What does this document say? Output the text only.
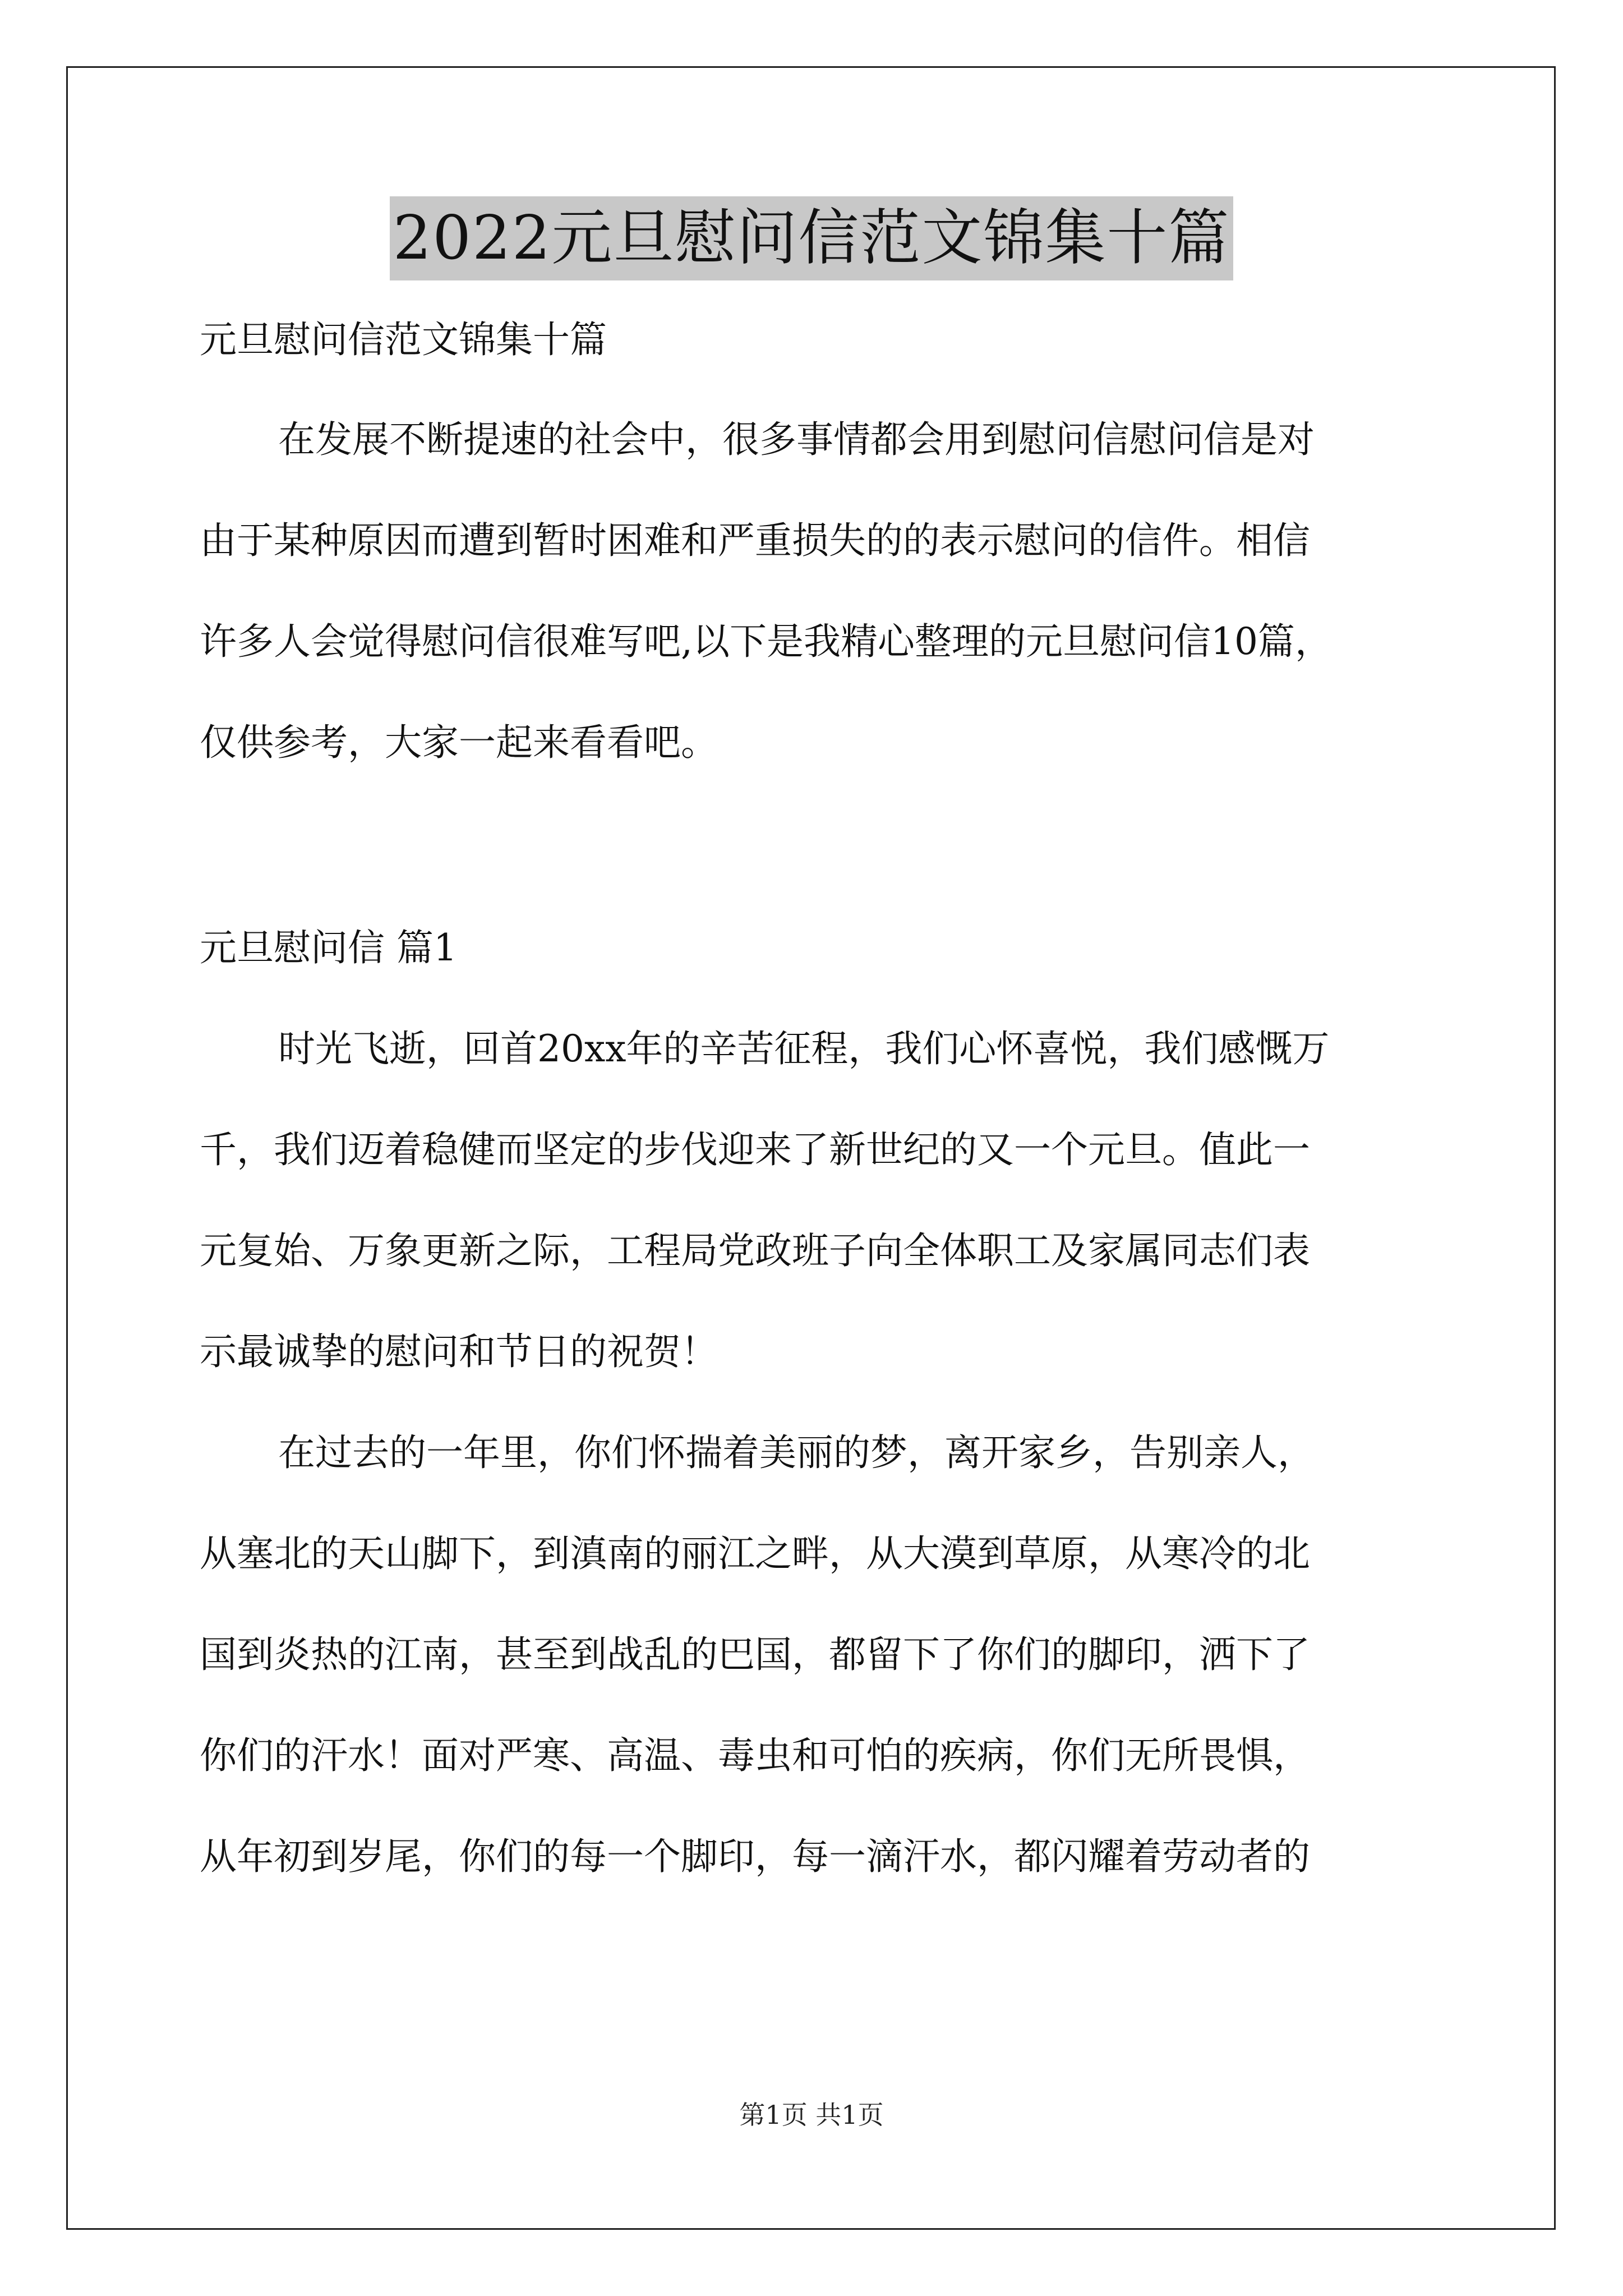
2022元旦慰问信范文锦集十篇
元旦慰问信范文锦集十篇
在发展不断提速的社会中，很多事情都会用到慰问信慰问信是对
由于某种原因而遭到暂时困难和严重损失的的表示慰问的信件。相信
许多人会觉得慰问信很难写吧,以下是我精心整理的元旦慰问信10篇，
仅供参考，大家一起来看看吧。
元旦慰问信 篇1
时光飞逝，回首20xx年的辛苦征程，我们心怀喜悦，我们感慨万
千，我们迈着稳健而坚定的步伐迎来了新世纪的又一个元旦。值此一
元复始、万象更新之际，工程局党政班子向全体职工及家属同志们表
示最诚挚的慰问和节日的祝贺！
在过去的一年里，你们怀揣着美丽的梦，离开家乡，告别亲人，
从塞北的天山脚下，到滇南的丽江之畔，从大漠到草原，从寒冷的北
国到炎热的江南，甚至到战乱的巴国，都留下了你们的脚印，洒下了
你们的汗水！面对严寒、高温、毒虫和可怕的疾病，你们无所畏惧，
从年初到岁尾，你们的每一个脚印，每一滴汗水，都闪耀着劳动者的
第1页 共1页
